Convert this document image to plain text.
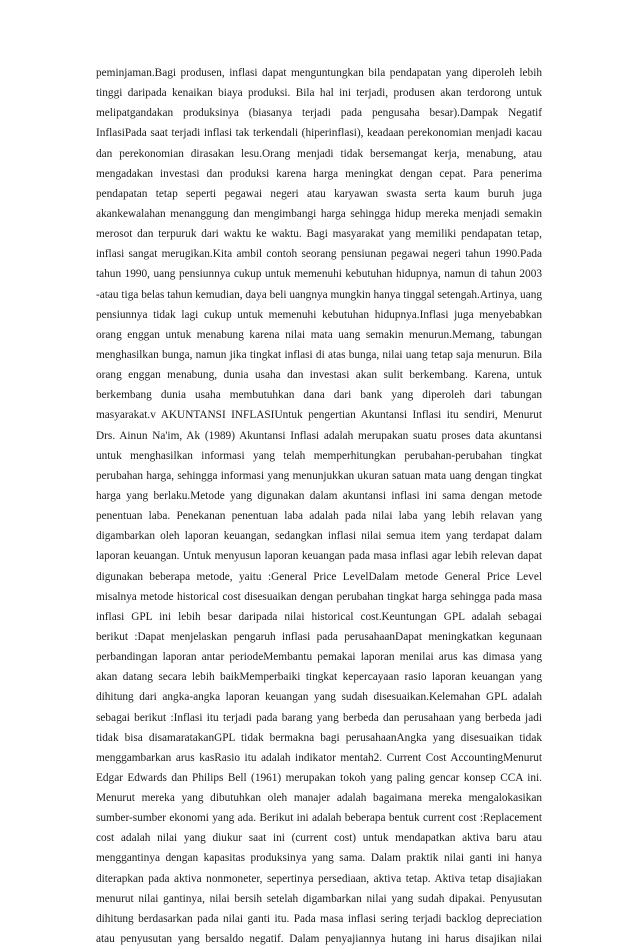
peminjaman.Bagi produsen, inflasi dapat menguntungkan bila pendapatan yang diperoleh lebih
tinggi daripada kenaikan biaya produksi. Bila hal ini terjadi, produsen akan terdorong untuk
melipatgandakan produksinya (biasanya terjadi pada pengusaha besar).Dampak Negatif
InflasiPada saat terjadi inflasi tak terkendali (hiperinflasi), keadaan perekonomian menjadi kacau
dan perekonomian dirasakan lesu.Orang menjadi tidak bersemangat kerja, menabung, atau
mengadakan investasi dan produksi karena harga meningkat dengan cepat. Para penerima
pendapatan tetap seperti pegawai negeri atau karyawan swasta serta kaum buruh juga
akankewalahan menanggung dan mengimbangi harga sehingga hidup mereka menjadi semakin
merosot dan terpuruk dari waktu ke waktu. Bagi masyarakat yang memiliki pendapatan tetap,
inflasi sangat merugikan.Kita ambil contoh seorang pensiunan pegawai negeri tahun 1990.Pada
tahun 1990, uang pensiunnya cukup untuk memenuhi kebutuhan hidupnya, namun di tahun 2003
-atau tiga belas tahun kemudian, daya beli uangnya mungkin hanya tinggal setengah.Artinya, uang
pensiunnya tidak lagi cukup untuk memenuhi kebutuhan hidupnya.Inflasi juga menyebabkan
orang enggan untuk menabung karena nilai mata uang semakin menurun.Memang, tabungan
menghasilkan bunga, namun jika tingkat inflasi di atas bunga, nilai uang tetap saja menurun. Bila
orang enggan menabung, dunia usaha dan investasi akan sulit berkembang. Karena, untuk
berkembang dunia usaha membutuhkan dana dari bank yang diperoleh dari tabungan
masyarakat.v AKUNTANSI INFLASIUntuk pengertian Akuntansi Inflasi itu sendiri, Menurut
Drs. Ainun Na'im, Ak (1989) Akuntansi Inflasi adalah merupakan suatu proses data akuntansi
untuk menghasilkan informasi yang telah memperhitungkan perubahan-perubahan tingkat
perubahan harga, sehingga informasi yang menunjukkan ukuran satuan mata uang dengan tingkat
harga yang berlaku.Metode yang digunakan dalam akuntansi inflasi ini sama dengan metode
penentuan laba. Penekanan penentuan laba adalah pada nilai laba yang lebih relavan yang
digambarkan oleh laporan keuangan, sedangkan inflasi nilai semua item yang terdapat dalam
laporan keuangan. Untuk menyusun laporan keuangan pada masa inflasi agar lebih relevan dapat
digunakan beberapa metode, yaitu :General Price LevelDalam metode General Price Level
misalnya metode historical cost disesuaikan dengan perubahan tingkat harga sehingga pada masa
inflasi GPL ini lebih besar daripada nilai historical cost.Keuntungan GPL adalah sebagai
berikut :Dapat menjelaskan pengaruh inflasi pada perusahaanDapat meningkatkan kegunaan
perbandingan laporan antar periodeMembantu pemakai laporan menilai arus kas dimasa yang
akan datang secara lebih baikMemperbaiki tingkat kepercayaan rasio laporan keuangan yang
dihitung dari angka-angka laporan keuangan yang sudah disesuaikan.Kelemahan GPL adalah
sebagai berikut :Inflasi itu terjadi pada barang yang berbeda dan perusahaan yang berbeda jadi
tidak bisa disamaratakanGPL tidak bermakna bagi perusahaanAngka yang disesuaikan tidak
menggambarkan arus kasRasio itu adalah indikator mentah2. Current Cost AccountingMenurut
Edgar Edwards dan Philips Bell (1961) merupakan tokoh yang paling gencar konsep CCA ini.
Menurut mereka yang dibutuhkan oleh manajer adalah bagaimana mereka mengalokasikan
sumber-sumber ekonomi yang ada. Berikut ini adalah beberapa bentuk current cost :Replacement
cost adalah nilai yang diukur saat ini (current cost) untuk mendapatkan aktiva baru atau
menggantinya dengan kapasitas produksinya yang sama. Dalam praktik nilai ganti ini hanya
diterapkan pada aktiva nonmoneter, sepertinya persediaan, aktiva tetap. Aktiva tetap disajiakan
menurut nilai gantinya, nilai bersih setelah digambarkan nilai yang sudah dipakai. Penyusutan
dihitung berdasarkan pada nilai ganti itu. Pada masa inflasi sering terjadi backlog depreciation
atau penyusutan yang bersaldo negatif. Dalam penyajiannya hutang ini harus disajikan nilai
